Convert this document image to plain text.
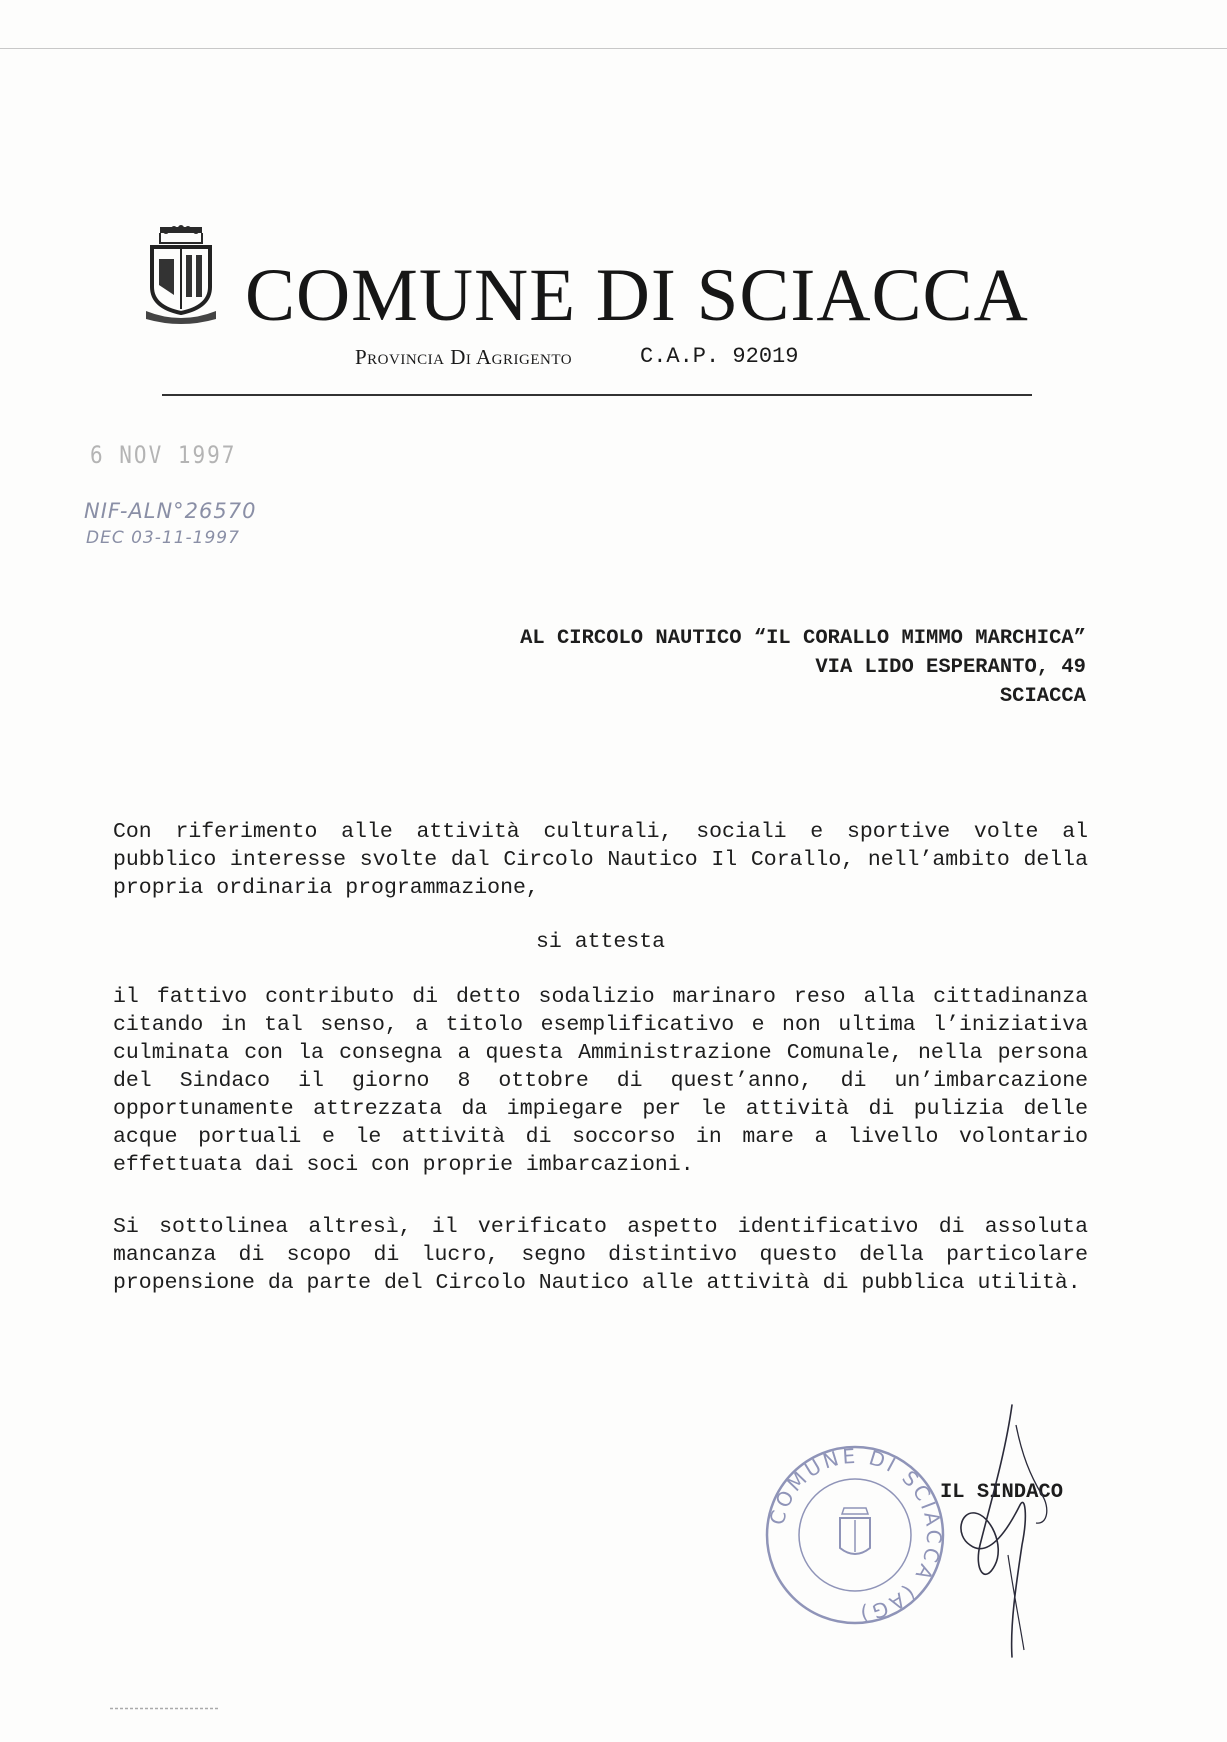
COMUNE DI SCIACCA
Provincia Di Agrigento	C.A.P. 92019
6 NOV 1997
NIF-ALN°26570
DEC 03-11-1997
AL CIRCOLO NAUTICO “IL CORALLO MIMMO MARCHICA”
VIA LIDO ESPERANTO, 49
SCIACCA

Con riferimento alle attività culturali, sociali e sportive volte al pubblico interesse svolte dal Circolo Nautico Il Corallo, nell’ambito della propria ordinaria programmazione,

si attesta

il fattivo contributo di detto sodalizio marinaro reso alla cittadinanza citando in tal senso, a titolo esemplificativo e non ultima l’iniziativa culminata con la consegna a questa Amministrazione Comunale, nella persona del Sindaco il giorno 8 ottobre di quest’anno, di un’imbarcazione opportunamente attrezzata da impiegare per le attività di pulizia delle acque portuali e le attività di soccorso in mare a livello volontario effettuata dai soci con proprie imbarcazioni.

Si sottolinea altresì, il verificato aspetto identificativo di assoluta mancanza di scopo di lucro, segno distintivo questo della particolare propensione da parte del Circolo Nautico alle attività di pubblica utilità.

COMUNE DI SCIACCA (AG)
IL SINDACO
